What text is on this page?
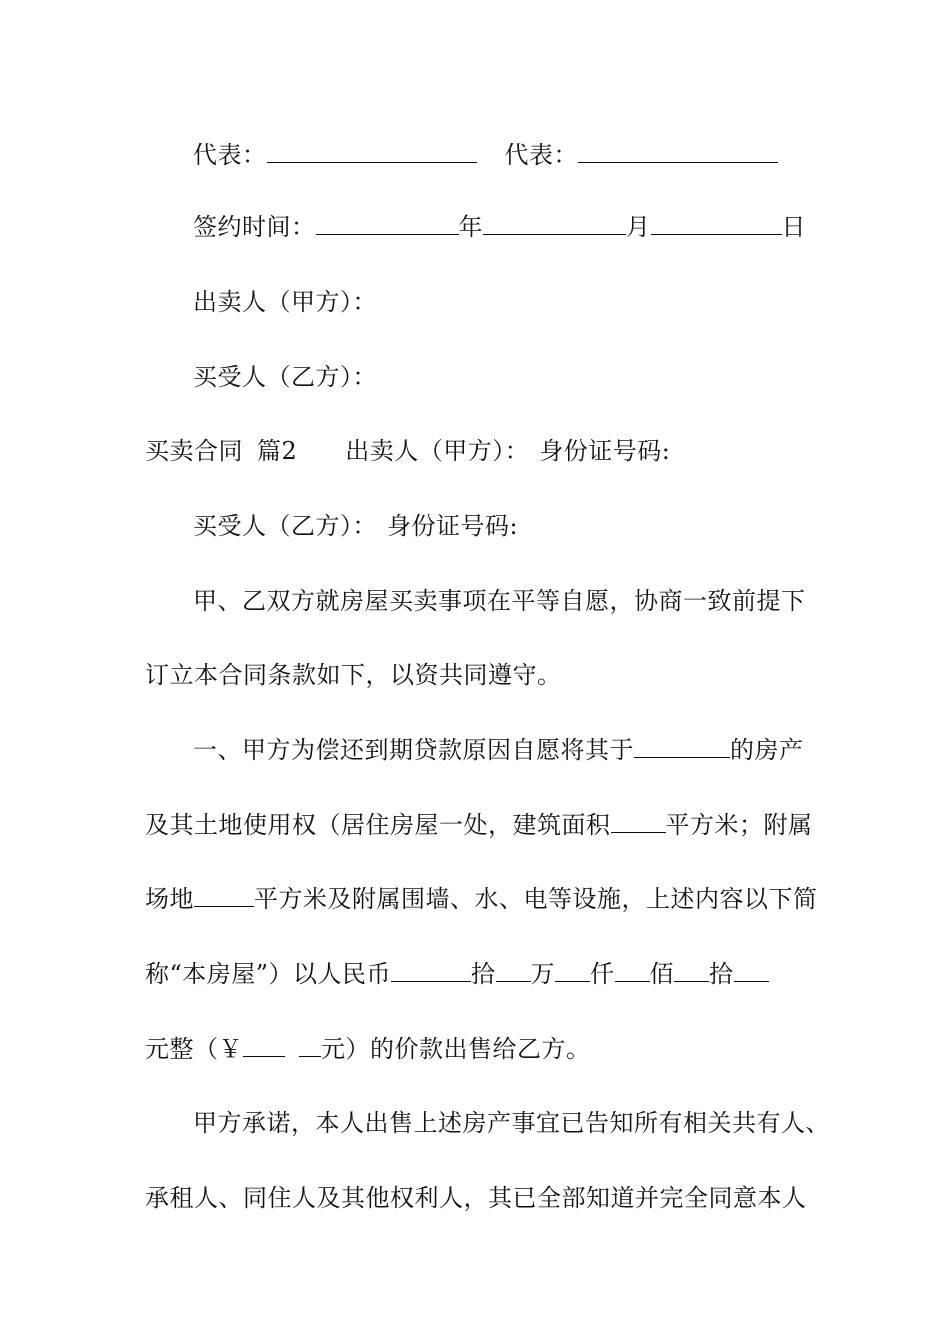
代表：	代表：
签约时间：	年	月	日
出卖人（甲方）：
买受人（乙方）：
买卖合同 篇2 出卖人（甲方）： 身份证号码:
买受人（乙方）： 身份证号码:
甲、乙双方就房屋买卖事项在平等自愿，协商一致前提下
订立本合同条款如下，以资共同遵守。
一、甲方为偿还到期贷款原因自愿将其于	的房产
及其土地使用权（居住房屋一处，建筑面积 平方米；附属
场地	平方米及附属围墙、水、电等设施，上述内容以下简
称“本房屋”）以人民币	拾 万 仟 佰 拾
元整（￥	元）的价款出售给乙方。
甲方承诺，本人出售上述房产事宜已告知所有相关共有人、
承租人、同住人及其他权利人，其已全部知道并完全同意本人
